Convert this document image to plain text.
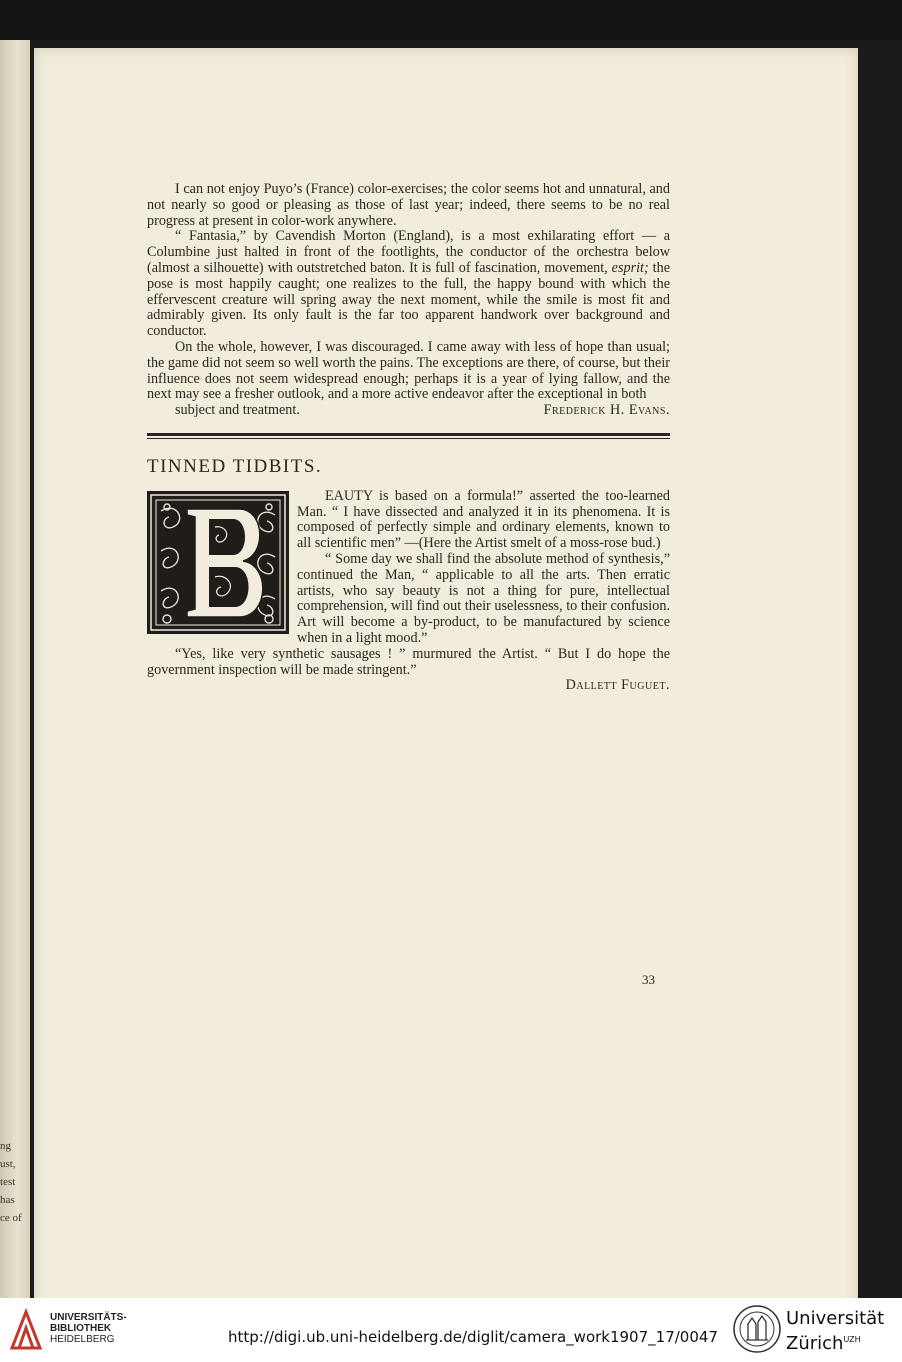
ng
ust,
test
has
ce of

I can not enjoy Puyo’s (France) color-exercises; the color seems hot and unnatural, and not nearly so good or pleasing as those of last year; indeed, there seems to be no real progress at present in color-work anywhere.

“ Fantasia,” by Cavendish Morton (England), is a most exhilarating effort — a Columbine just halted in front of the footlights, the conductor of the orchestra below (almost a silhouette) with outstretched baton. It is full of fascination, movement, esprit; the pose is most happily caught; one realizes to the full, the happy bound with which the effervescent creature will spring away the next moment, while the smile is most fit and admirably given. Its only fault is the far too apparent handwork over background and conductor.

On the whole, however, I was discouraged. I came away with less of hope than usual; the game did not seem so well worth the pains. The exceptions are there, of course, but their influence does not seem widespread enough; perhaps it is a year of lying fallow, and the next may see a fresher outlook, and a more active endeavor after the exceptional in both

subject and treatment.	Frederick H. Evans.

TINNED TIDBITS.

EAUTY is based on a formula!” asserted the too-learned Man. “ I have dissected and analyzed it in its phenomena. It is composed of perfectly simple and ordinary elements, known to all scientific men” —(Here the Artist smelt of a moss-rose bud.)

“ Some day we shall find the absolute method of synthesis,” continued the Man, “ applicable to all the arts. Then erratic artists, who say beauty is not a thing for pure, intellectual comprehension, will find out their uselessness, to their confusion. Art will become a by-product, to be manufactured by science when in a light mood.”

“Yes, like very synthetic sausages ! ” murmured the Artist. “ But I do hope the government inspection will be made stringent.”

Dallett Fuguet.

33
UNIVERSITÄTS-
BIBLIOTHEK
HEIDELBERG	http://digi.ub.uni-heidelberg.de/diglit/camera_work1907_17/0047
Universität
Zürich$^{UZH}$
